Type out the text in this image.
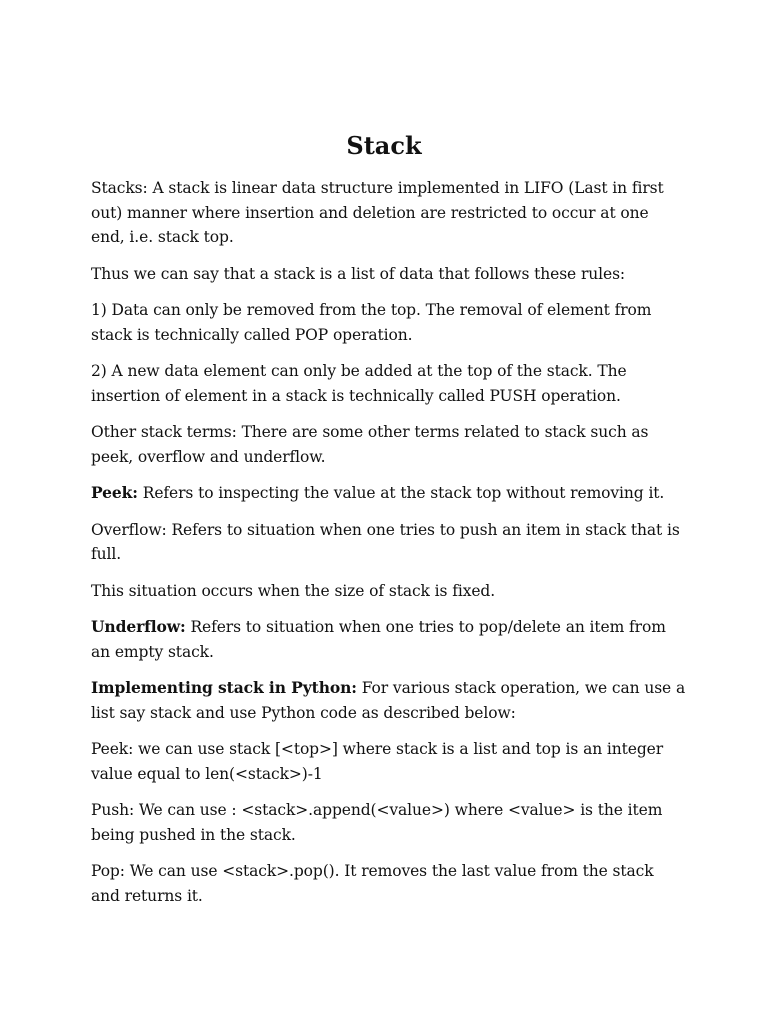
Stack

Stacks: A stack is linear data structure implemented in LIFO (Last in first out) manner where insertion and deletion are restricted to occur at one end, i.e. stack top.

Thus we can say that a stack is a list of data that follows these rules:

1) Data can only be removed from the top. The removal of element from stack is technically called POP operation.

2) A new data element can only be added at the top of the stack. The insertion of element in a stack is technically called PUSH operation.

Other stack terms: There are some other terms related to stack such as peek, overflow and underflow.

Peek: Refers to inspecting the value at the stack top without removing it.

Overflow: Refers to situation when one tries to push an item in stack that is full.

This situation occurs when the size of stack is fixed.

Underflow: Refers to situation when one tries to pop/delete an item from an empty stack.

Implementing stack in Python: For various stack operation, we can use a list say stack and use Python code as described below:

Peek: we can use stack [<top>] where stack is a list and top is an integer value equal to len(<stack>)-1

Push: We can use : <stack>.append(<value>) where <value> is the item being pushed in the stack.

Pop: We can use <stack>.pop(). It removes the last value from the stack and returns it.
